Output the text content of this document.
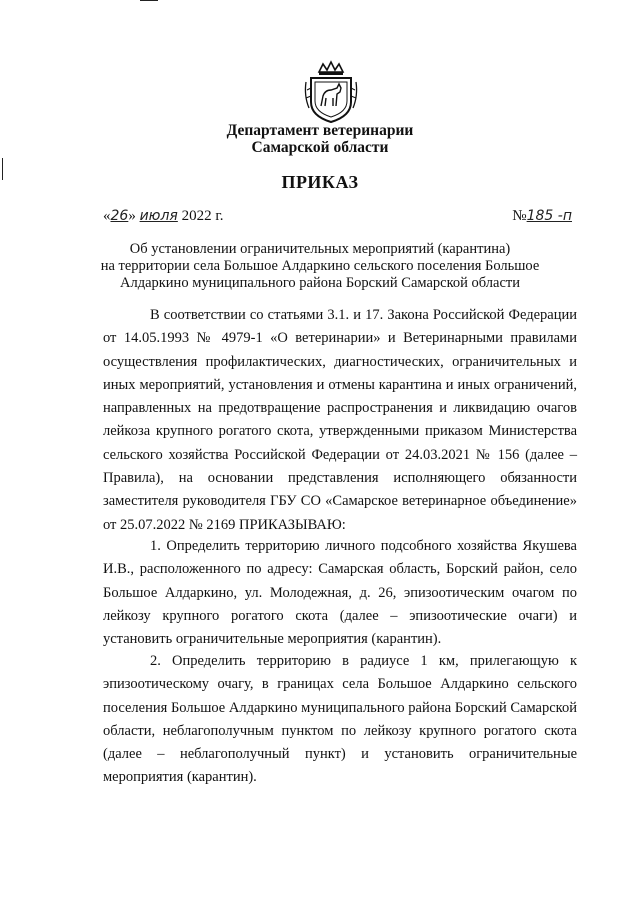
Департамент ветеринарии
Самарской области
ПРИКАЗ
«26» июля 2022 г.	№185 -п
Об установлении ограничительных мероприятий (карантина)
на территории села Большое Алдаркино сельского поселения Большое
Алдаркино муниципального района Борский Самарской области
В соответствии со статьями 3.1. и 17. Закона Российской Федерации от 14.05.1993 № 4979-1 «О ветеринарии» и Ветеринарными правилами осуществления профилактических, диагностических, ограничительных и иных мероприятий, установления и отмены карантина и иных ограничений, направленных на предотвращение распространения и ликвидацию очагов лейкоза крупного рогатого скота, утвержденными приказом Министерства сельского хозяйства Российской Федерации от 24.03.2021 № 156 (далее – Правила), на основании представления исполняющего обязанности заместителя руководителя ГБУ СО «Самарское ветеринарное объединение» от 25.07.2022 № 2169 ПРИКАЗЫВАЮ:
1. Определить территорию личного подсобного хозяйства Якушева И.В., расположенного по адресу: Самарская область, Борский район, село Большое Алдаркино, ул. Молодежная, д. 26, эпизоотическим очагом по лейкозу крупного рогатого скота (далее – эпизоотические очаги) и установить ограничительные мероприятия (карантин).
2. Определить территорию в радиусе 1 км, прилегающую к эпизоотическому очагу, в границах села Большое Алдаркино сельского поселения Большое Алдаркино муниципального района Борский Самарской области, неблагополучным пунктом по лейкозу крупного рогатого скота (далее – неблагополучный пункт) и установить ограничительные мероприятия (карантин).
